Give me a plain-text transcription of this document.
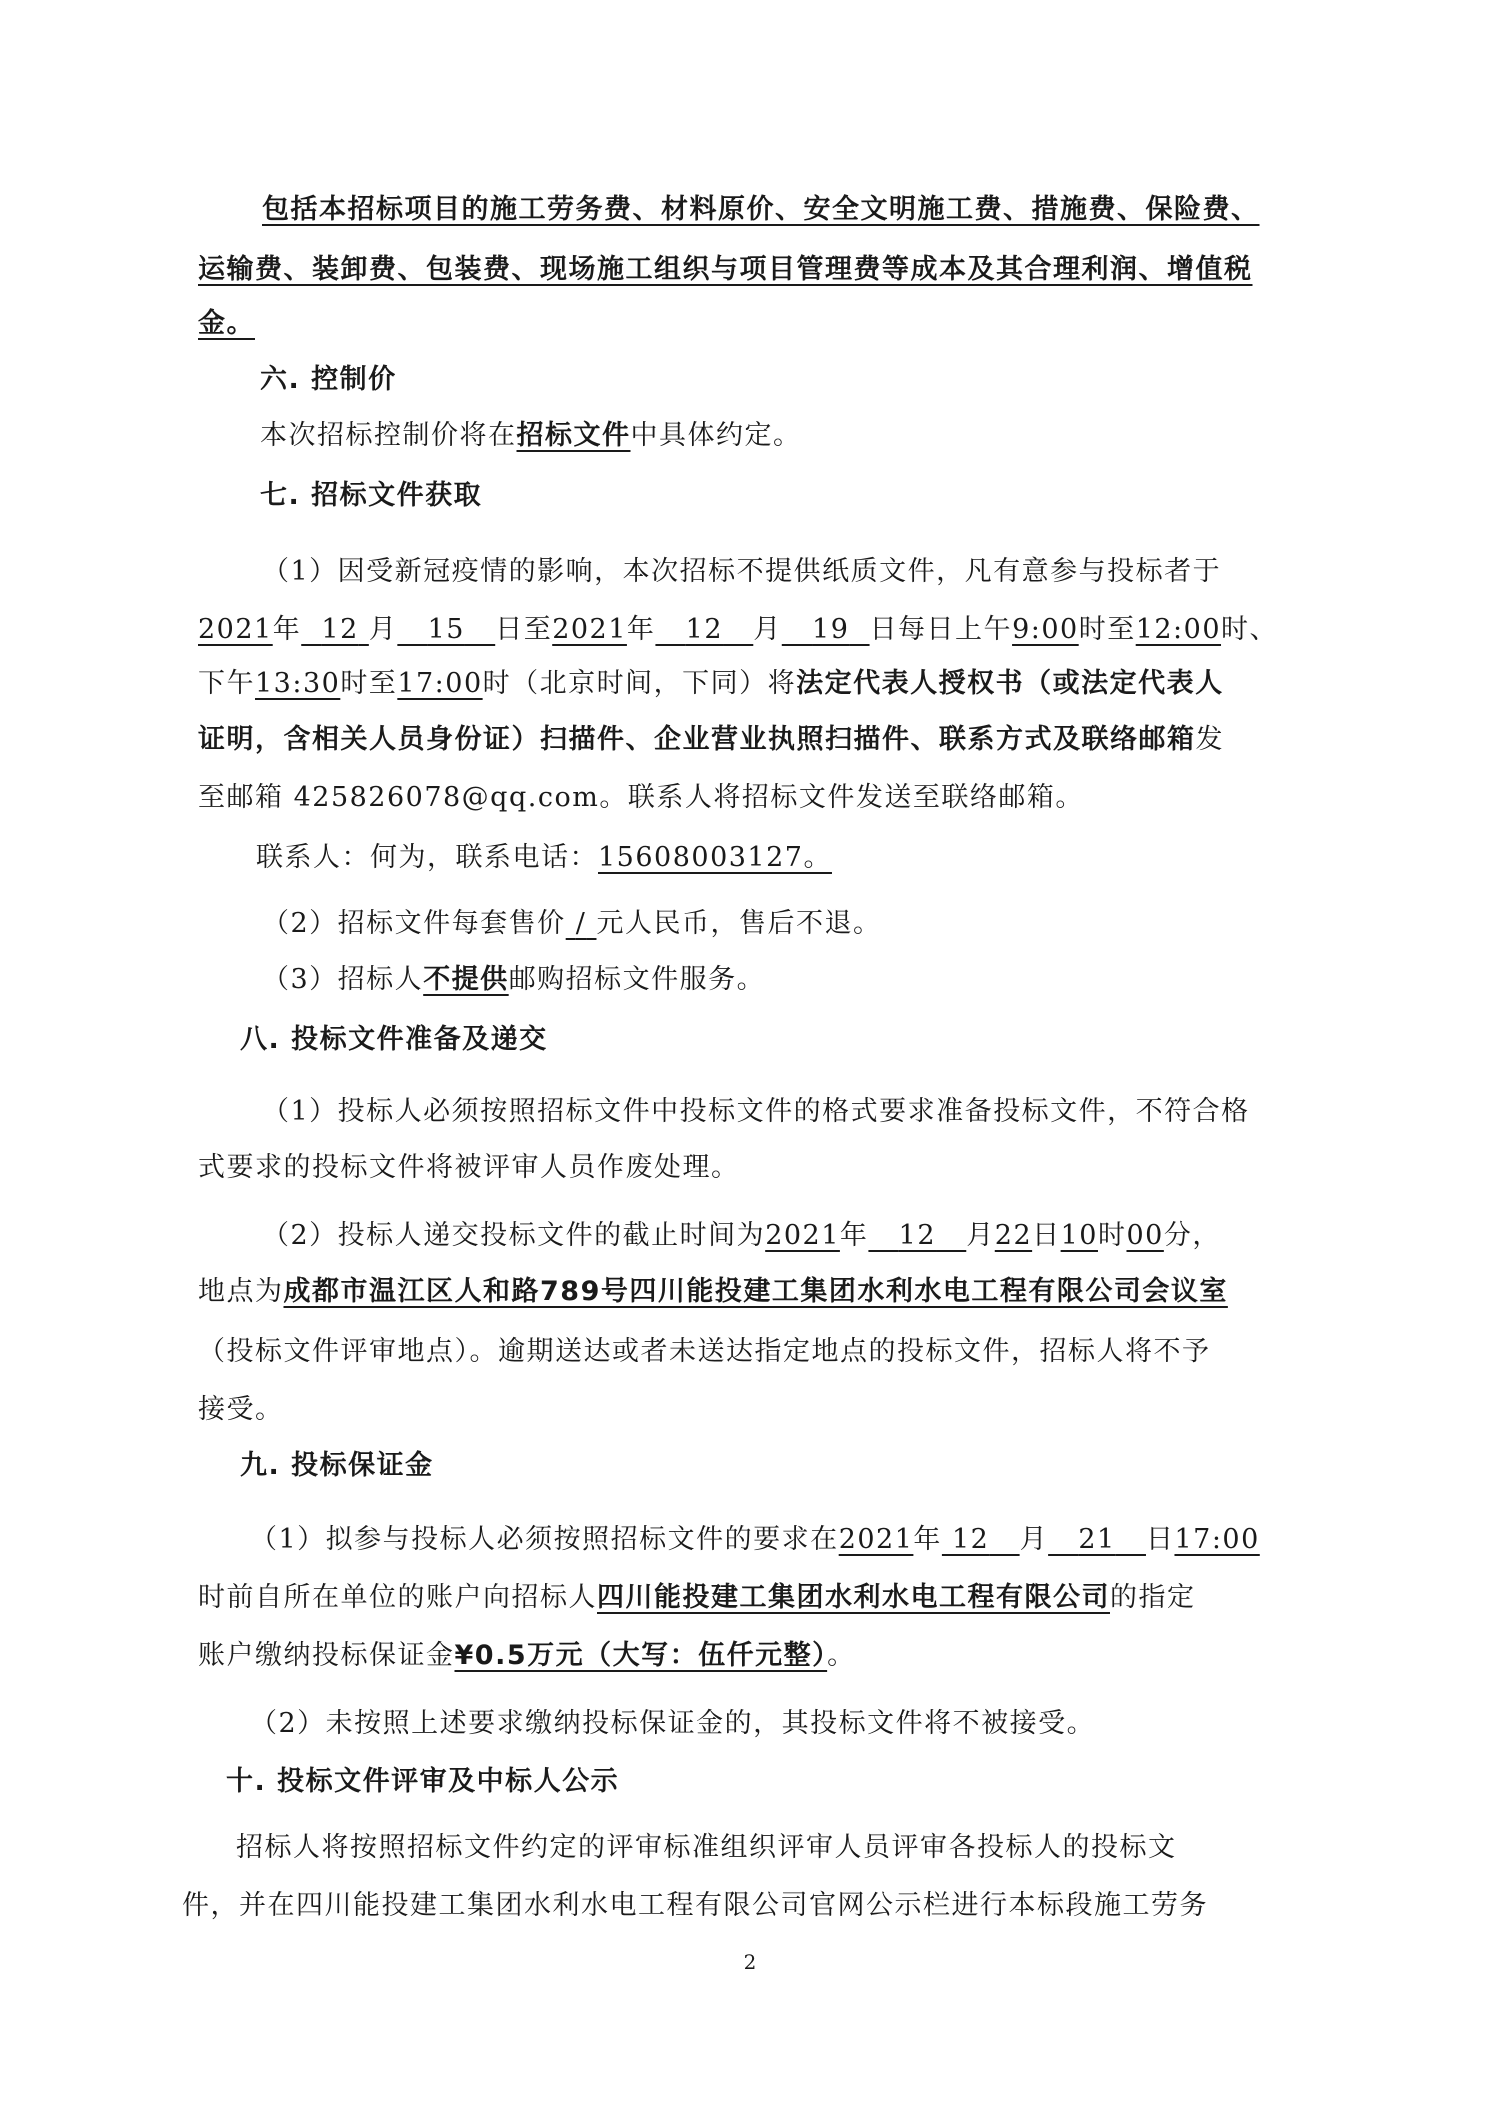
包括本招标项目的施工劳务费、材料原价、安全文明施工费、措施费、保险费、
运输费、装卸费、包装费、现场施工组织与项目管理费等成本及其合理利润、增值税
金。
六. 控制价
本次招标控制价将在招标文件中具体约定。
七. 招标文件获取
（1）因受新冠疫情的影响，本次招标不提供纸质文件，凡有意参与投标者于
2021年 12 月 15 日至2021年 12 月 19 日每日上午9:00时至12:00时、
下午13:30时至17:00时（北京时间，下同）将法定代表人授权书（或法定代表人
证明，含相关人员身份证）扫描件、企业营业执照扫描件、联系方式及联络邮箱发
至邮箱 425826078@qq.com。联系人将招标文件发送至联络邮箱。
联系人：何为，联系电话：15608003127。
（2）招标文件每套售价 / 元人民币，售后不退。
（3）招标人不提供邮购招标文件服务。
八. 投标文件准备及递交
（1）投标人必须按照招标文件中投标文件的格式要求准备投标文件，不符合格
式要求的投标文件将被评审人员作废处理。
（2）投标人递交投标文件的截止时间为2021年 12 月22日10时00分，
地点为成都市温江区人和路789号四川能投建工集团水利水电工程有限公司会议室
（投标文件评审地点）。逾期送达或者未送达指定地点的投标文件，招标人将不予
接受。
九. 投标保证金
（1）拟参与投标人必须按照招标文件的要求在2021年 12 月 21 日17:00
时前自所在单位的账户向招标人四川能投建工集团水利水电工程有限公司的指定
账户缴纳投标保证金¥0.5万元（大写：伍仟元整）。
（2）未按照上述要求缴纳投标保证金的，其投标文件将不被接受。
十. 投标文件评审及中标人公示
招标人将按照招标文件约定的评审标准组织评审人员评审各投标人的投标文
件，并在四川能投建工集团水利水电工程有限公司官网公示栏进行本标段施工劳务
2
